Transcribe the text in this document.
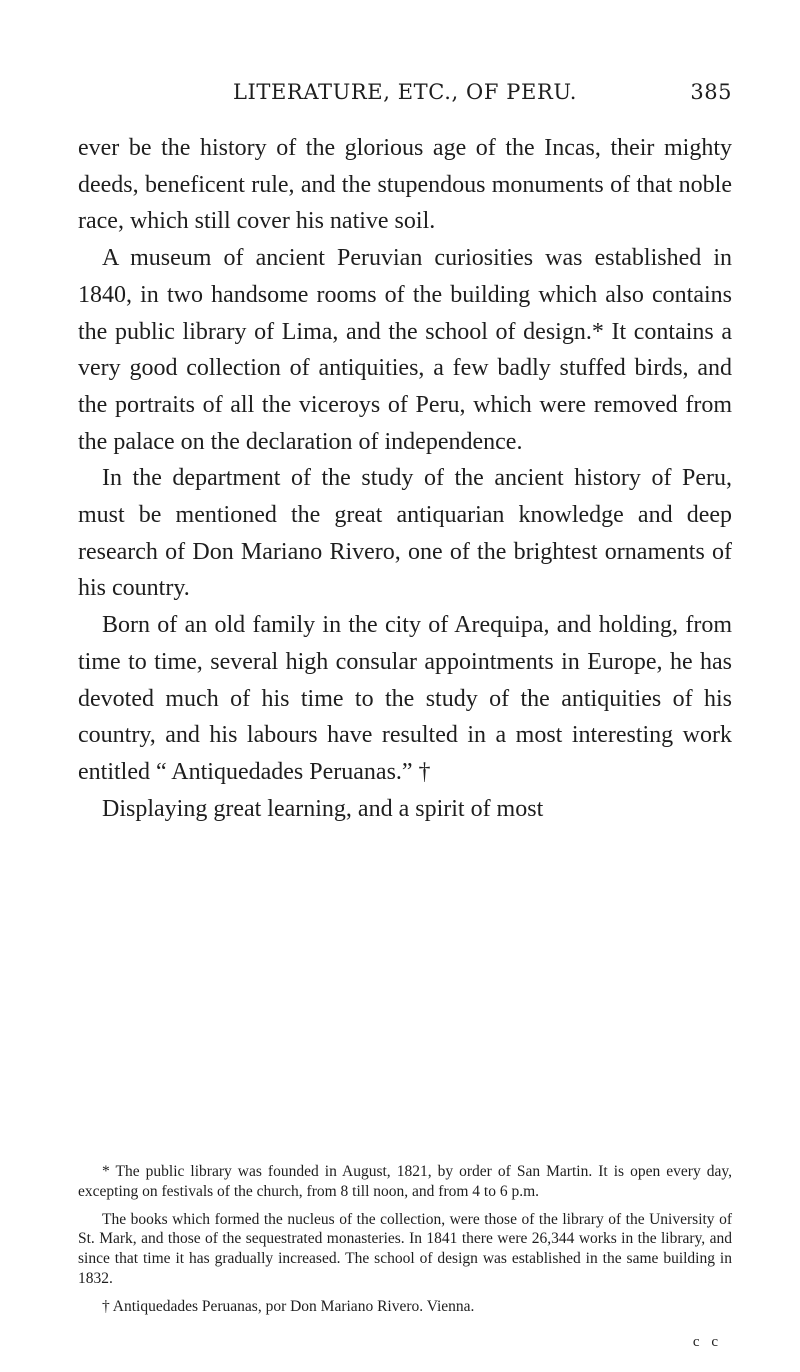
LITERATURE, ETC., OF PERU.	385

ever be the history of the glorious age of the Incas, their mighty deeds, beneficent rule, and the stupendous monuments of that noble race, which still cover his native soil.

A museum of ancient Peruvian curiosities was established in 1840, in two handsome rooms of the building which also contains the public library of Lima, and the school of design.* It contains a very good collection of antiquities, a few badly stuffed birds, and the portraits of all the viceroys of Peru, which were removed from the palace on the declaration of independence.

In the department of the study of the ancient history of Peru, must be mentioned the great antiquarian knowledge and deep research of Don Mariano Rivero, one of the brightest ornaments of his country.

Born of an old family in the city of Arequipa, and holding, from time to time, several high consular appointments in Europe, he has devoted much of his time to the study of the antiquities of his country, and his labours have resulted in a most interesting work entitled “ Antiquedades Peruanas.” †

Displaying great learning, and a spirit of most

* The public library was founded in August, 1821, by order of San Martin. It is open every day, excepting on festivals of the church, from 8 till noon, and from 4 to 6 p.m.

The books which formed the nucleus of the collection, were those of the library of the University of St. Mark, and those of the sequestrated monasteries. In 1841 there were 26,344 works in the library, and since that time it has gradually increased. The school of design was established in the same building in 1832.

† Antiquedades Peruanas, por Don Mariano Rivero. Vienna.

c c
